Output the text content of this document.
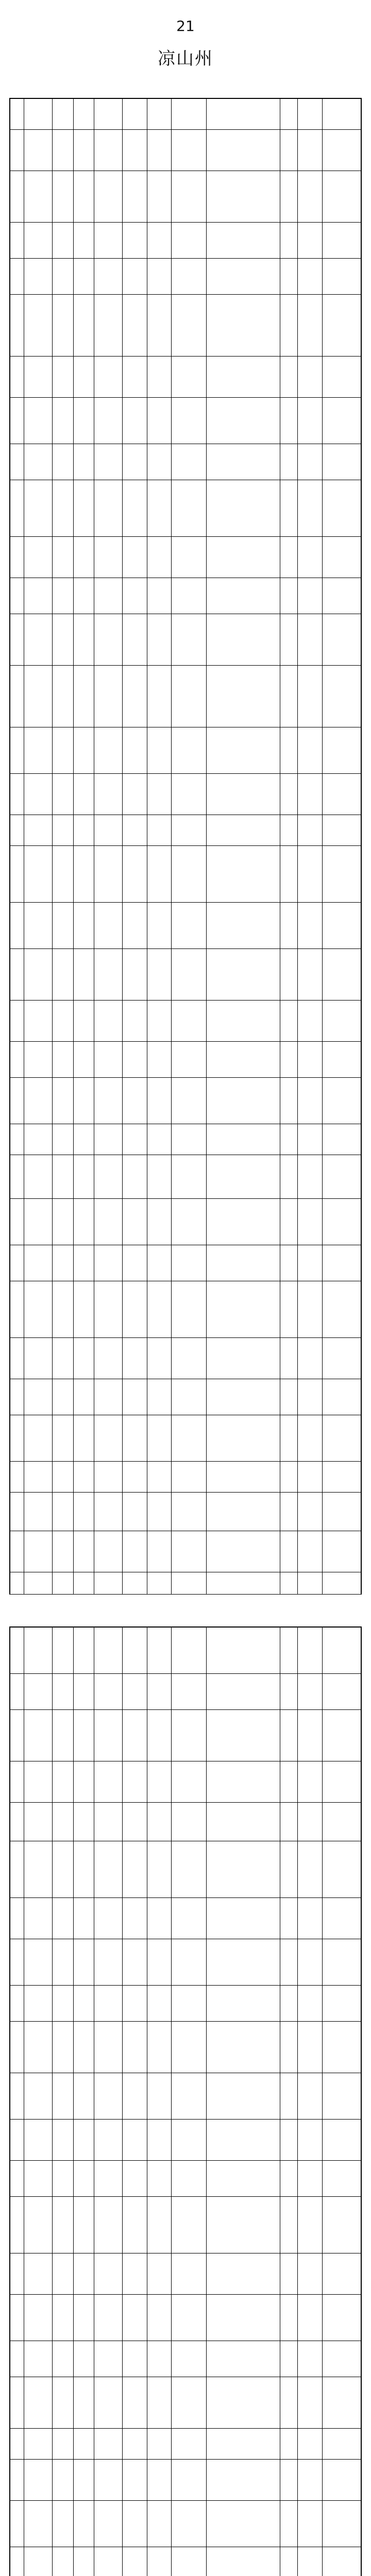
21
凉山州
